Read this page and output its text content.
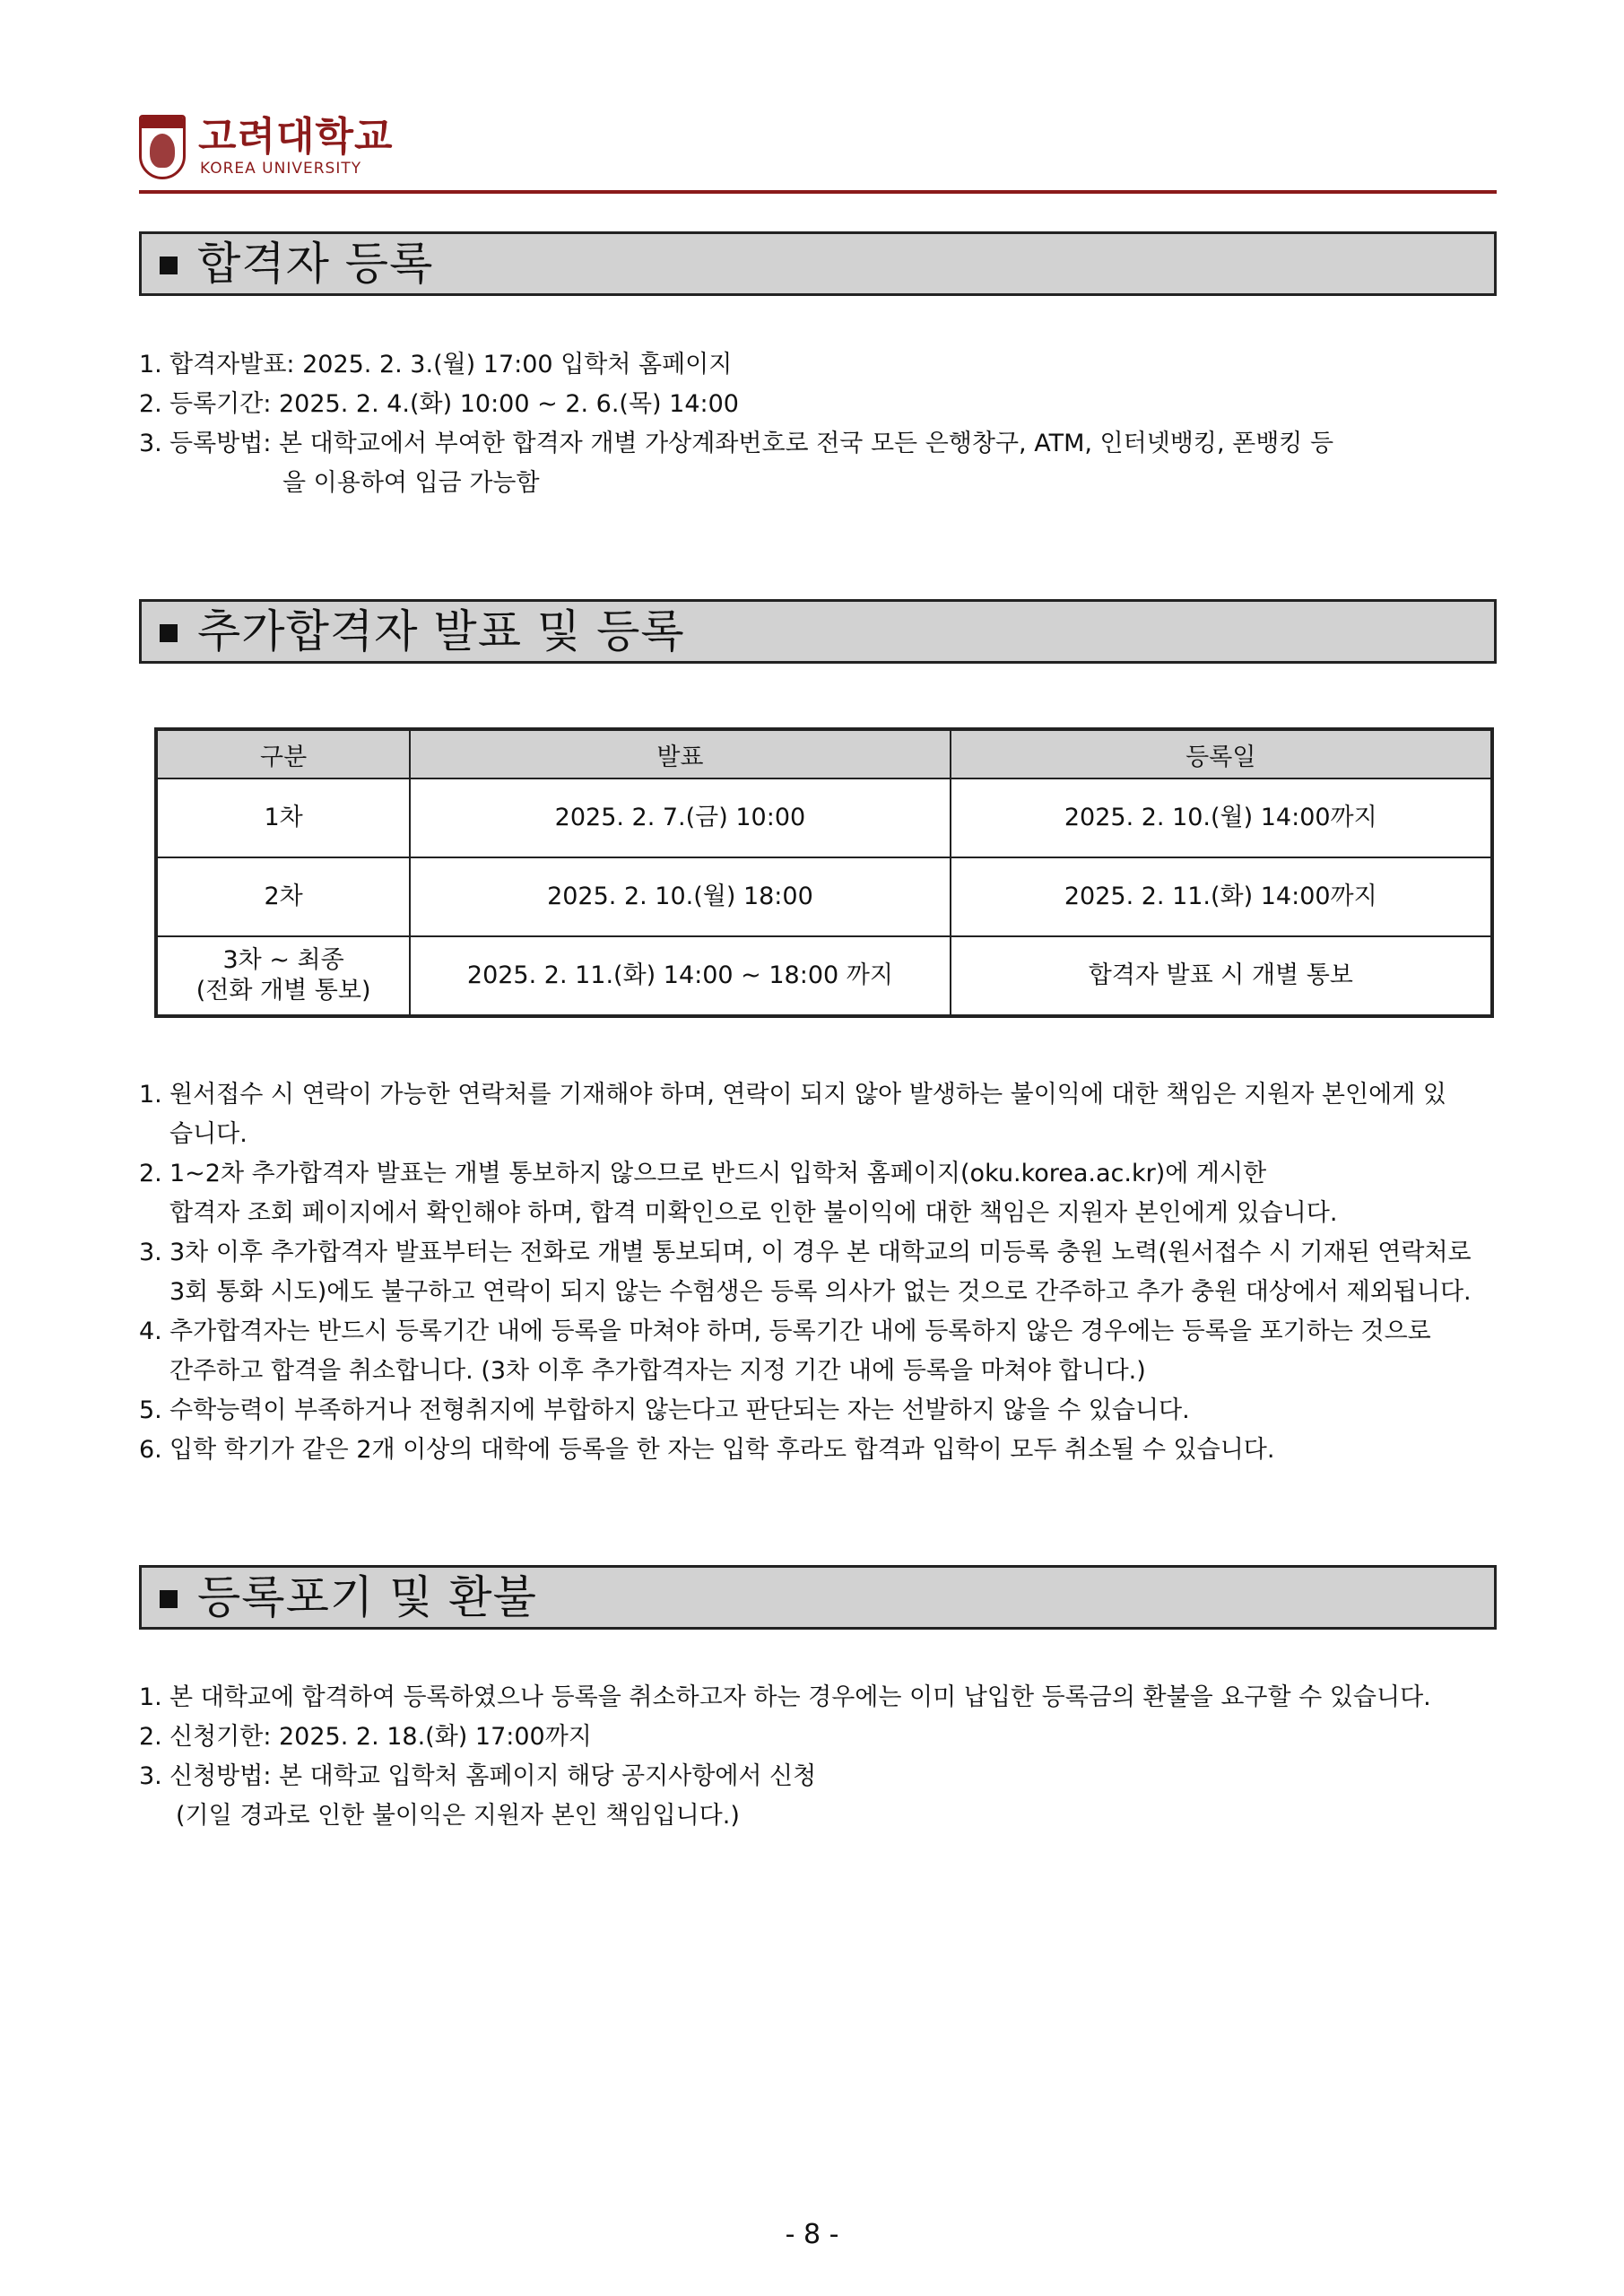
고려대학교
KOREA UNIVERSITY
합격자 등록
1. 합격자발표: 2025. 2. 3.(월) 17:00 입학처 홈페이지
2. 등록기간: 2025. 2. 4.(화) 10:00 ~ 2. 6.(목) 14:00
3. 등록방법: 본 대학교에서 부여한 합격자 개별 가상계좌번호로 전국 모든 은행창구, ATM, 인터넷뱅킹, 폰뱅킹 등
을 이용하여 입금 가능함
추가합격자 발표 및 등록
구분	발표	등록일
1차	2025. 2. 7.(금) 10:00	2025. 2. 10.(월) 14:00까지
2차	2025. 2. 10.(월) 18:00	2025. 2. 11.(화) 14:00까지

3차 ~ 최종
(전화 개별 통보)	2025. 2. 11.(화) 14:00 ~ 18:00 까지	합격자 발표 시 개별 통보
1. 원서접수 시 연락이 가능한 연락처를 기재해야 하며, 연락이 되지 않아 발생하는 불이익에 대한 책임은 지원자 본인에게 있
습니다.
2. 1~2차 추가합격자 발표는 개별 통보하지 않으므로 반드시 입학처 홈페이지(oku.korea.ac.kr)에 게시한
합격자 조회 페이지에서 확인해야 하며, 합격 미확인으로 인한 불이익에 대한 책임은 지원자 본인에게 있습니다.
3. 3차 이후 추가합격자 발표부터는 전화로 개별 통보되며, 이 경우 본 대학교의 미등록 충원 노력(원서접수 시 기재된 연락처로
3회 통화 시도)에도 불구하고 연락이 되지 않는 수험생은 등록 의사가 없는 것으로 간주하고 추가 충원 대상에서 제외됩니다.
4. 추가합격자는 반드시 등록기간 내에 등록을 마쳐야 하며, 등록기간 내에 등록하지 않은 경우에는 등록을 포기하는 것으로
간주하고 합격을 취소합니다. (3차 이후 추가합격자는 지정 기간 내에 등록을 마쳐야 합니다.)
5. 수학능력이 부족하거나 전형취지에 부합하지 않는다고 판단되는 자는 선발하지 않을 수 있습니다.
6. 입학 학기가 같은 2개 이상의 대학에 등록을 한 자는 입학 후라도 합격과 입학이 모두 취소될 수 있습니다.
등록포기 및 환불
1. 본 대학교에 합격하여 등록하였으나 등록을 취소하고자 하는 경우에는 이미 납입한 등록금의 환불을 요구할 수 있습니다.
2. 신청기한: 2025. 2. 18.(화) 17:00까지
3. 신청방법: 본 대학교 입학처 홈페이지 해당 공지사항에서 신청
(기일 경과로 인한 불이익은 지원자 본인 책임입니다.)
- 8 -
